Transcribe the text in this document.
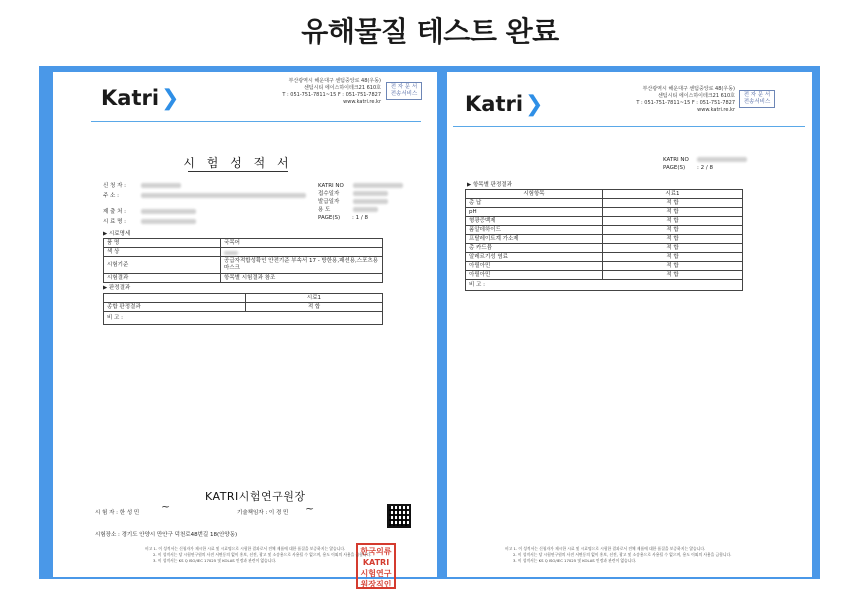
유해물질 테스트 완료
Katri❯
부산광역시 해운대구 센텀중앙로 48(우동)
센텀시티 에이스하이테크21 610호
T : 051-751-7811~15 F : 051-751-7827
www.katri.re.kr
전 자 문 서
전송서비스
시 험 성 적 서
신 청 자 :
주 소 :
제 출 처 :
시 료 명 :
KATRI NO
접수일자
발급일자
용 도
PAGE(S)	: 1 / 8
▶ 시료명세
품 명	국목어
색 상	

시험기준	공급자적합성확인 안전기준 부속서 17 - 방한용,패션용,스포츠용 마스크
시험결과	항목별 시험결과 참조
▶ 판정결과
	시료1
종합 판정결과	적 합
비 고 :	
KATRI시험연구원장
한국의류
KATRI
시험연구
원장직인
시 험 자 : 한 성 민 ~	기술책임자 : 이 경 민 ~
시험장소 : 경기도 안양시 만안구 덕천로48번길 18(안양동)
비고 1. 이 성적서는 신청자가 제시한 시료 및 시료명으로 시험한 결과로서 전체 제품에 대한 품질을 보증하지는 않습니다.
2. 이 성적서는 당 시험연구원의 사전 서면동의 없이 홍보, 선전, 광고 및 소송용으로 사용될 수 없으며, 용도 이외의 사용을 금합니다.
3. 이 성적서는 KS Q ISO/IEC 17025 및 KOLAS 인정과 관련이 없습니다.
Katri❯
부산광역시 해운대구 센텀중앙로 48(우동)
센텀시티 에이스하이테크21 610호
T : 051-751-7811~15 F : 051-751-7827
www.katri.re.kr
전 자 문 서
전송서비스
KATRI NO
PAGE(S)	: 2 / 8
▶ 항목별 판정결과
시험항목	시료1
총 납	적 합
pH	적 합
형광증백제	적 합
폼알데하이드	적 합
프탈레이트계 가소제	적 합
총 카드뮴	적 합
알레르기성 염료	적 합
아릴아민	적 합
아릴아민	적 합
비 고 :	
비고 1. 이 성적서는 신청자가 제시한 시료 및 시료명으로 시험한 결과로서 전체 제품에 대한 품질을 보증하지는 않습니다.
2. 이 성적서는 당 시험연구원의 사전 서면동의 없이 홍보, 선전, 광고 및 소송용으로 사용될 수 없으며, 용도 이외의 사용을 금합니다.
3. 이 성적서는 KS Q ISO/IEC 17025 및 KOLAS 인정과 관련이 없습니다.
